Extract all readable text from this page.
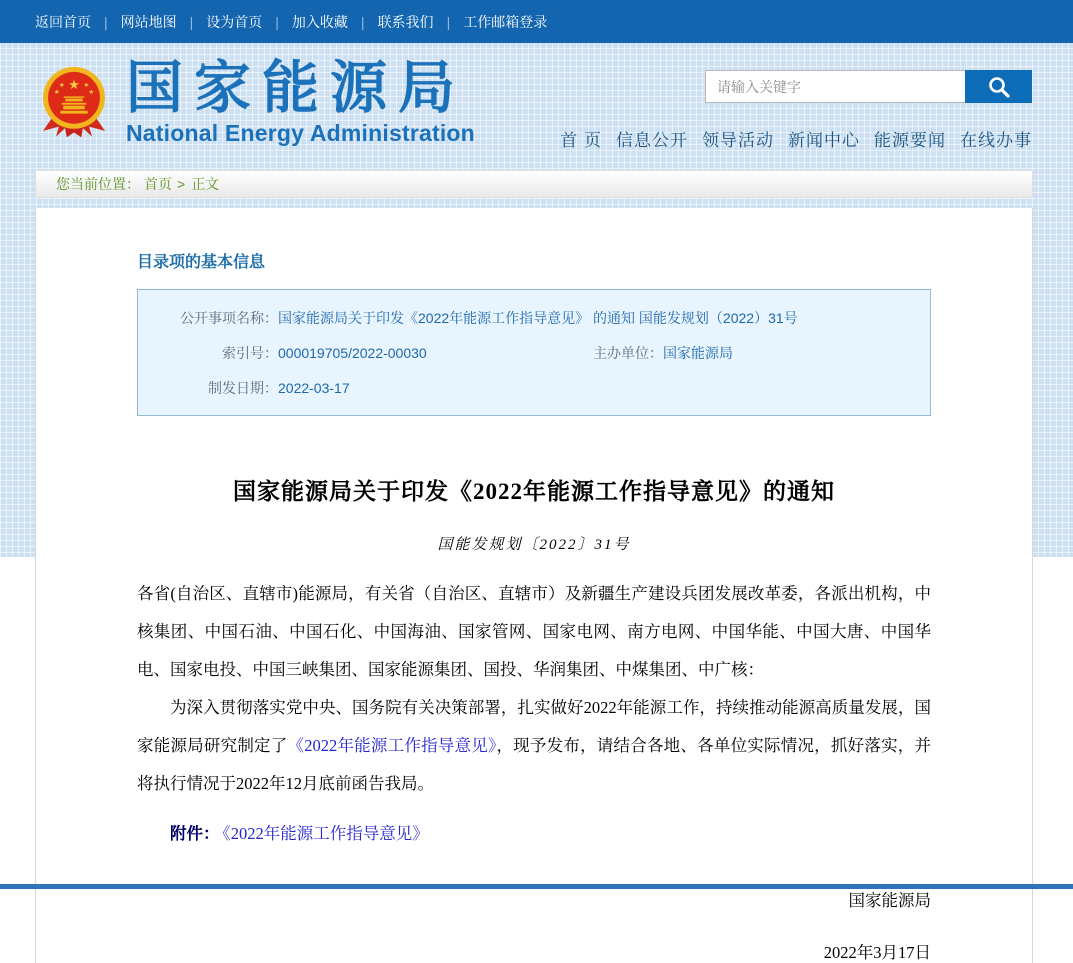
返回首页	| 网站地图	| 设为首页	| 加入收藏	| 联系我们	| 工作邮箱登录
★
★ ★
★	★ 国家能源局
National Energy Administration
请输入关键字	首 页 信息公开 领导活动 新闻中心 能源要闻 在线办事
您当前位置： 首页 > 正文
目录项的基本信息
公开事项名称： 国家能源局关于印发《2022年能源工作指导意见》 的通知 国能发规划（2022）31号
索引号： 000019705/2022-00030	主办单位： 国家能源局
制发日期： 2022-03-17
国家能源局关于印发《2022年能源工作指导意见》的通知
国能发规划〔2022〕31号

各省(自治区、直辖市)能源局，有关省（自治区、直辖市）及新疆生产建设兵团发展改革委，各派出机构，中核集团、中国石油、中国石化、中国海油、国家管网、国家电网、南方电网、中国华能、中国大唐、中国华电、国家电投、中国三峡集团、国家能源集团、国投、华润集团、中煤集团、中广核：

为深入贯彻落实党中央、国务院有关决策部署，扎实做好2022年能源工作，持续推动能源高质量发展，国家能源局研究制定了《2022年能源工作指导意见》，现予发布，请结合各地、各单位实际情况，抓好落实，并将执行情况于2022年12月底前函告我局。

附件： 《2022年能源工作指导意见》

国家能源局
2022年3月17日
